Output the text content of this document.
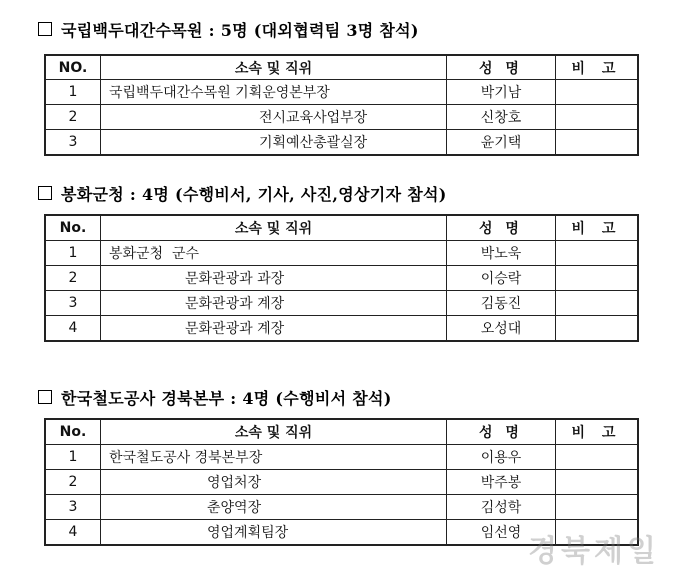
국립백두대간수목원 : 5명 (대외협력팀 3명 참석)
NO.	소속 및 직위	성 명	비 고
1	국립백두대간수목원 기획운영본부장	박기남	
2	전시교육사업부장	신창호	
3	기획예산총괄실장	윤기택	
봉화군청 : 4명 (수행비서, 기사, 사진,영상기자 참석)
No.	소속 및 직위	성 명	비 고
1	봉화군청  군수	박노욱	
2	문화관광과 과장	이승락	
3	문화관광과 계장	김동진	
4	문화관광과 계장	오성대	
한국철도공사 경북본부 : 4명 (수행비서 참석)
No.	소속 및 직위	성 명	비 고
1	한국철도공사 경북본부장	이용우	
2	영업처장	박주봉	
3	춘양역장	김성학	
4	영업계획팀장	임선영	
경북제일
